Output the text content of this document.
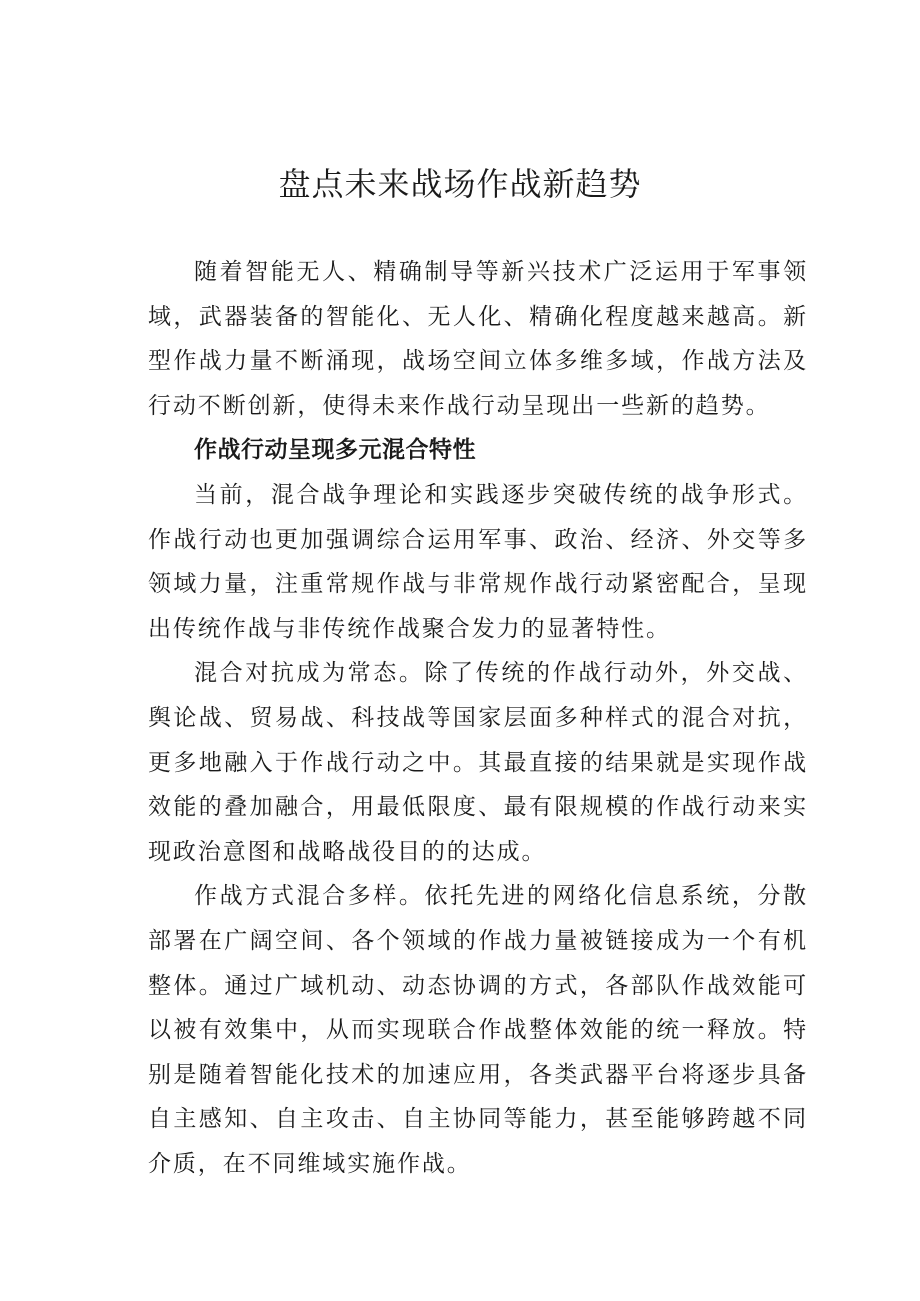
盘点未来战场作战新趋势

随着智能无人、精确制导等新兴技术广泛运用于军事领域，武器装备的智能化、无人化、精确化程度越来越高。新型作战力量不断涌现，战场空间立体多维多域，作战方法及行动不断创新，使得未来作战行动呈现出一些新的趋势。

作战行动呈现多元混合特性

当前，混合战争理论和实践逐步突破传统的战争形式。作战行动也更加强调综合运用军事、政治、经济、外交等多领域力量，注重常规作战与非常规作战行动紧密配合，呈现出传统作战与非传统作战聚合发力的显著特性。

混合对抗成为常态。除了传统的作战行动外，外交战、舆论战、贸易战、科技战等国家层面多种样式的混合对抗，更多地融入于作战行动之中。其最直接的结果就是实现作战效能的叠加融合，用最低限度、最有限规模的作战行动来实现政治意图和战略战役目的的达成。

作战方式混合多样。依托先进的网络化信息系统，分散部署在广阔空间、各个领域的作战力量被链接成为一个有机整体。通过广域机动、动态协调的方式，各部队作战效能可以被有效集中，从而实现联合作战整体效能的统一释放。特别是随着智能化技术的加速应用，各类武器平台将逐步具备自主感知、自主攻击、自主协同等能力，甚至能够跨越不同介质，在不同维域实施作战。
